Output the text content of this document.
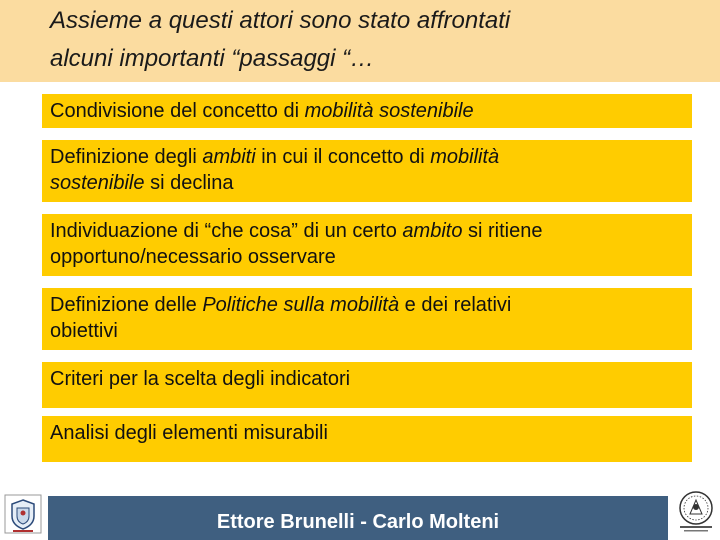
Assieme a questi attori sono stato affrontati
alcuni importanti “passaggi “…
Condivisione del concetto di mobilità sostenibile
Definizione degli ambiti in cui il concetto di mobilità
sostenibile si declina
Individuazione di “che cosa” di un certo ambito si ritiene
opportuno/necessario osservare
Definizione delle Politiche sulla mobilità e dei relativi
obiettivi
Criteri per la scelta degli indicatori
Analisi degli elementi misurabili
Ettore Brunelli - Carlo Molteni
